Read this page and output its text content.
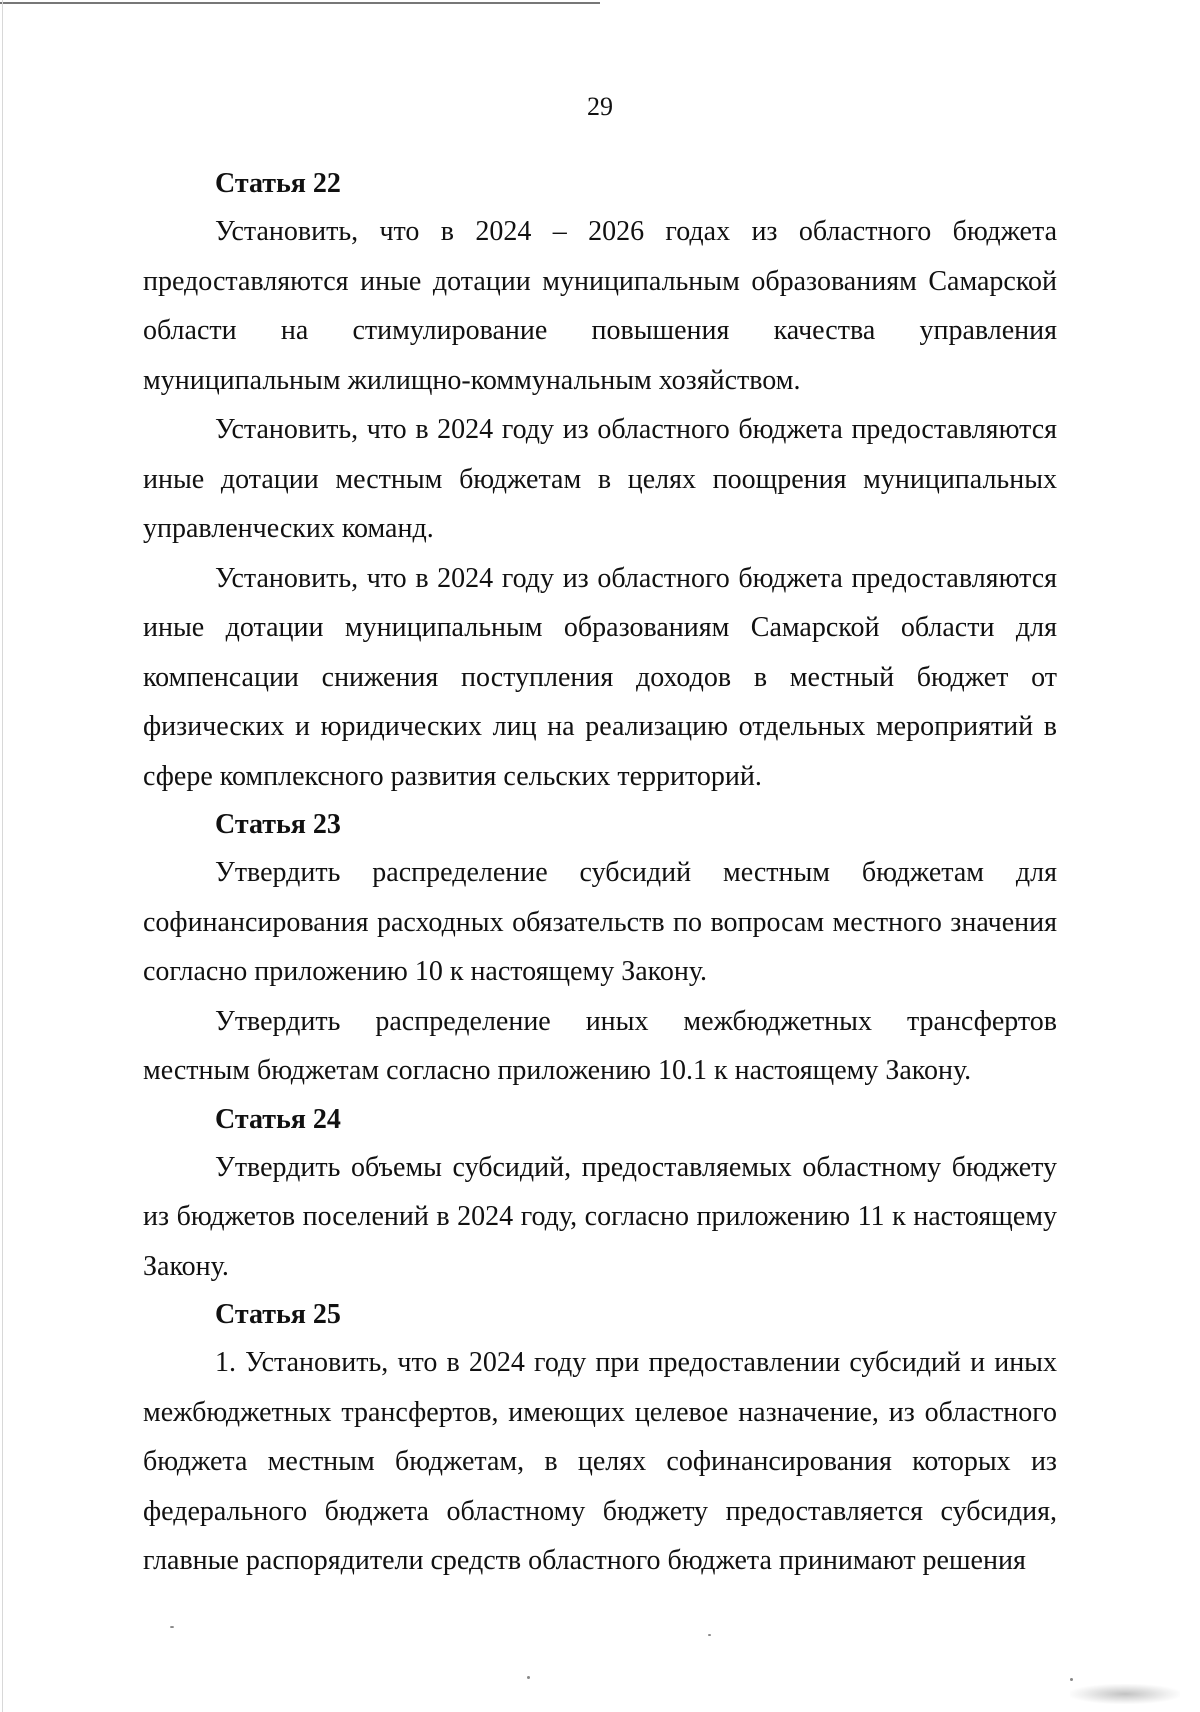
29
Статья 22

Установить, что в 2024 – 2026 годах из областного бюджета предоставляются иные дотации муниципальным образованиям Самарской области на стимулирование повышения качества управления муниципальным жилищно-коммунальным хозяйством.

Установить, что в 2024 году из областного бюджета предоставляются иные дотации местным бюджетам в целях поощрения муниципальных управленческих команд.

Установить, что в 2024 году из областного бюджета предоставляются иные дотации муниципальным образованиям Самарской области для компенсации снижения поступления доходов в местный бюджет от физических и юридических лиц на реализацию отдельных мероприятий в сфере комплексного развития сельских территорий.

Статья 23

Утвердить распределение субсидий местным бюджетам для софинансирования расходных обязательств по вопросам местного значения согласно приложению 10 к настоящему Закону.

Утвердить распределение иных межбюджетных трансфертов местным бюджетам согласно приложению 10.1 к настоящему Закону.

Статья 24

Утвердить объемы субсидий, предоставляемых областному бюджету из бюджетов поселений в 2024 году, согласно приложению 11 к настоящему Закону.

Статья 25

1. Установить, что в 2024 году при предоставлении субсидий и иных межбюджетных трансфертов, имеющих целевое назначение, из областного бюджета местным бюджетам, в целях софинансирования которых из федерального бюджета областному бюджету предоставляется субсидия, главные распорядители средств областного бюджета принимают решения
